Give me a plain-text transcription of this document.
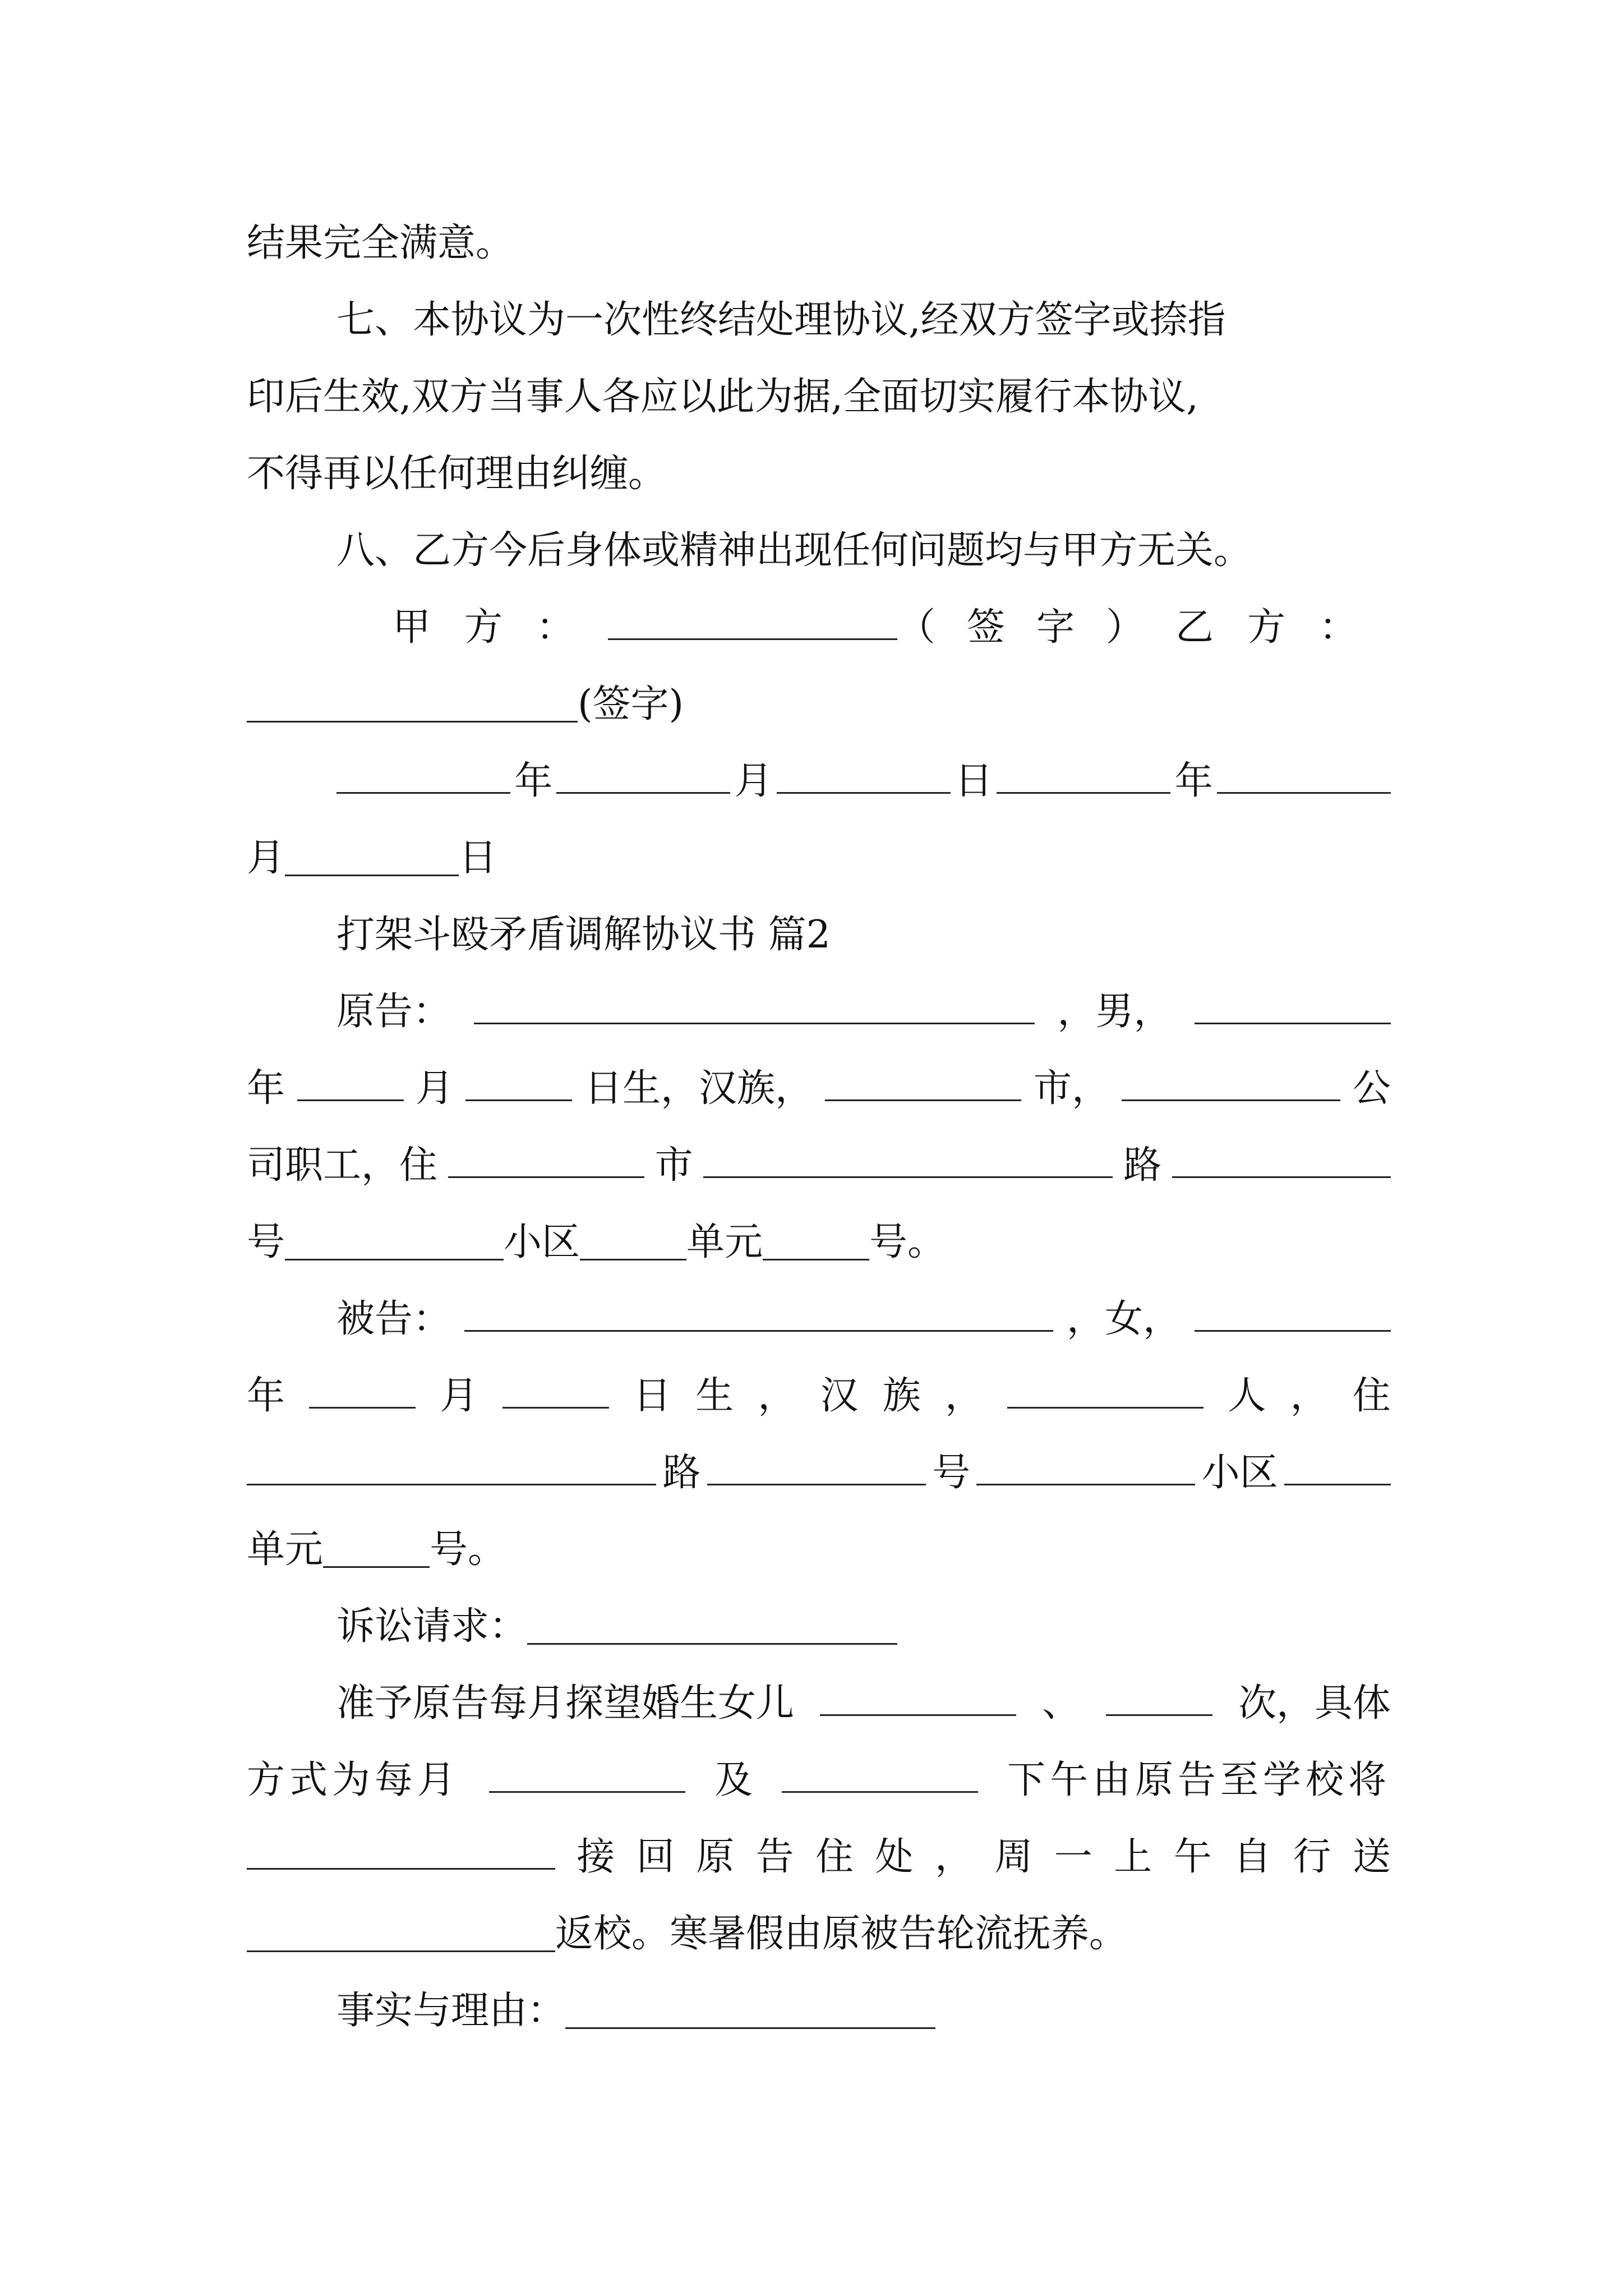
结果完全满意。
七、本协议为一次性终结处理协议,经双方签字或捺指
印后生效,双方当事人各应以此为据,全面切实履行本协议,
不得再以任何理由纠缠。
八、乙方今后身体或精神出现任何问题均与甲方无关。
甲方：	（签字） 乙方：
(签字)
年	月	日	年
月	日
打架斗殴矛盾调解协议书 篇2
原告：	，男，
年	月	日生，汉族，	市，	公
司职工，住	市	路
号	小区	单元	号。
被告：	，女，
年	月	日 生 ， 汉 族 ，	人 ， 住
路	号	小区
单元	号。
诉讼请求：
准予原告每月探望婚生女儿	、	次，具体
方式为每月	及	下午由原告至学校将
接 回 原 告 住 处 ， 周 一 上 午 自 行 送
返校。寒暑假由原被告轮流抚养。
事实与理由：
